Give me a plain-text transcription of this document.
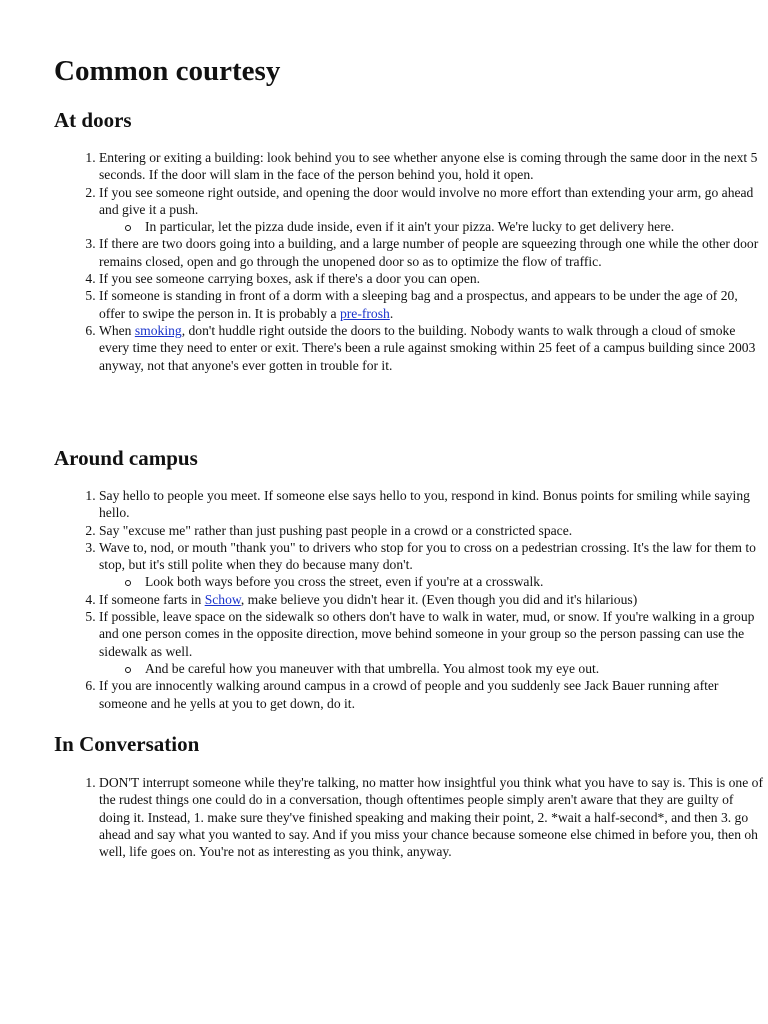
Common courtesy
At doors
1. Entering or exiting a building: look behind you to see whether anyone else is coming through the same door in the next 5 seconds. If the door will slam in the face of the person behind you, hold it open.
2. If you see someone right outside, and opening the door would involve no more effort than extending your arm, go ahead and give it a push.
In particular, let the pizza dude inside, even if it ain't your pizza. We're lucky to get delivery here.
3. If there are two doors going into a building, and a large number of people are squeezing through one while the other door remains closed, open and go through the unopened door so as to optimize the flow of traffic.
4. If you see someone carrying boxes, ask if there's a door you can open.
5. If someone is standing in front of a dorm with a sleeping bag and a prospectus, and appears to be under the age of 20, offer to swipe the person in. It is probably a pre-frosh.
6. When smoking, don't huddle right outside the doors to the building. Nobody wants to walk through a cloud of smoke every time they need to enter or exit. There's been a rule against smoking within 25 feet of a campus building since 2003 anyway, not that anyone's ever gotten in trouble for it.
Around campus
1. Say hello to people you meet. If someone else says hello to you, respond in kind. Bonus points for smiling while saying hello.
2. Say "excuse me" rather than just pushing past people in a crowd or a constricted space.
3. Wave to, nod, or mouth "thank you" to drivers who stop for you to cross on a pedestrian crossing. It's the law for them to stop, but it's still polite when they do because many don't.
Look both ways before you cross the street, even if you're at a crosswalk.
4. If someone farts in Schow, make believe you didn't hear it. (Even though you did and it's hilarious)
5. If possible, leave space on the sidewalk so others don't have to walk in water, mud, or snow. If you're walking in a group and one person comes in the opposite direction, move behind someone in your group so the person passing can use the sidewalk as well.
And be careful how you maneuver with that umbrella. You almost took my eye out.
6. If you are innocently walking around campus in a crowd of people and you suddenly see Jack Bauer running after someone and he yells at you to get down, do it.
In Conversation
1. DON'T interrupt someone while they're talking, no matter how insightful you think what you have to say is. This is one of the rudest things one could do in a conversation, though oftentimes people simply aren't aware that they are guilty of doing it. Instead, 1. make sure they've finished speaking and making their point, 2. *wait a half-second*, and then 3. go ahead and say what you wanted to say. And if you miss your chance because someone else chimed in before you, then oh well, life goes on. You're not as interesting as you think, anyway.
